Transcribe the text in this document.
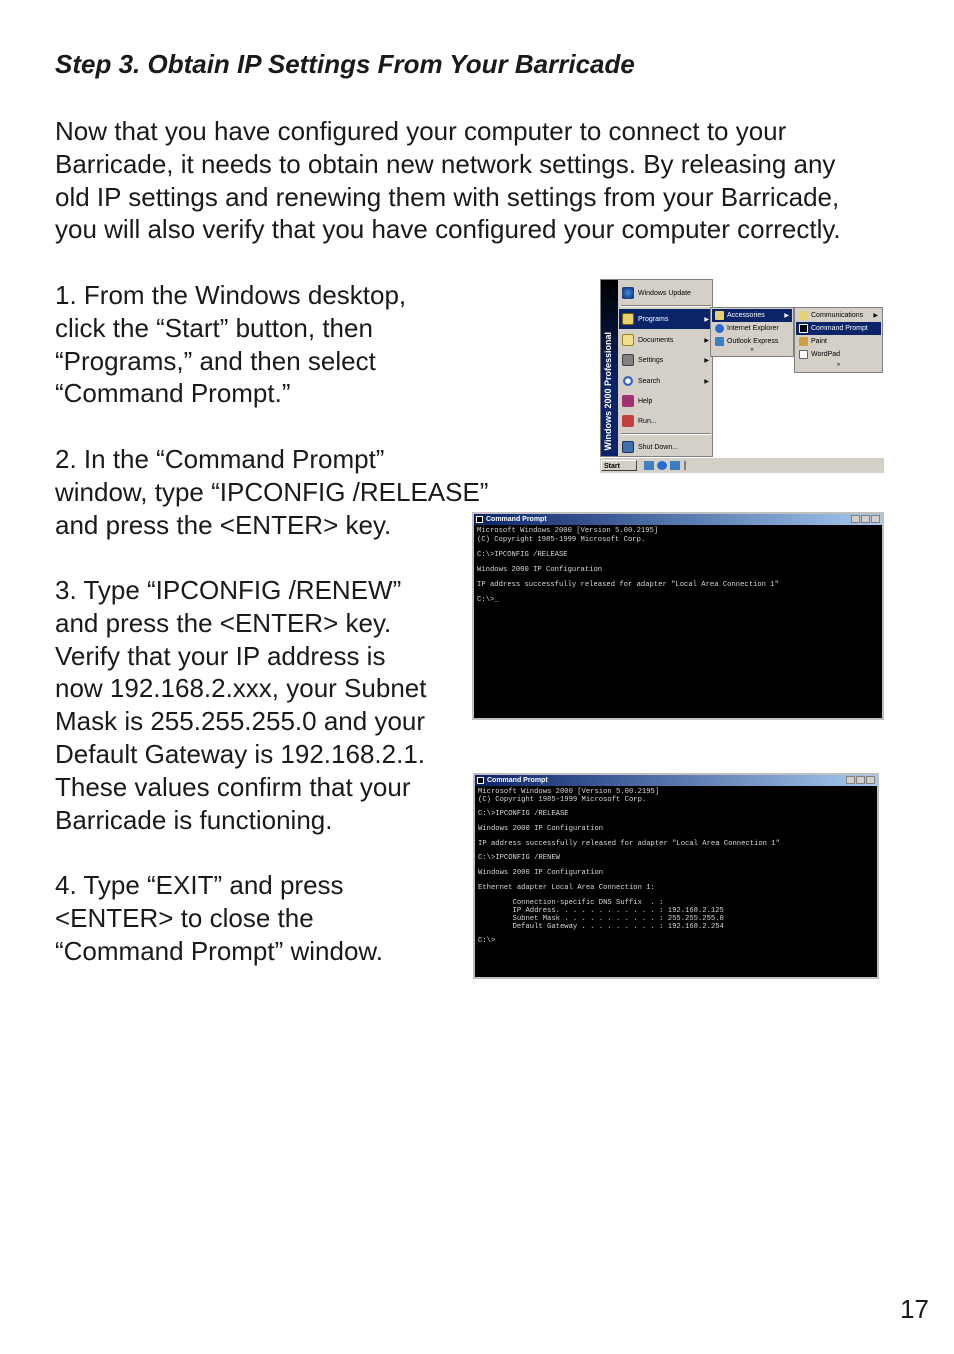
Step 3. Obtain IP Settings From Your Barricade

Now that you have configured your computer to connect to your
Barricade, it needs to obtain new network settings. By releasing any
old IP settings and renewing them with settings from your Barricade,
you will also verify that you have configured your computer correctly.

1. From the Windows desktop,
click the “Start” button, then
“Programs,” and then select
“Command Prompt.”

2. In the “Command Prompt”
window, type “IPCONFIG /RELEASE”
and press the <ENTER> key.

3. Type “IPCONFIG /RENEW”
and press the <ENTER> key.
Verify that your IP address is
now 192.168.2.xxx, your Subnet
Mask is 255.255.255.0 and your
Default Gateway is 192.168.2.1.
These values confirm that your
Barricade is functioning.

4. Type “EXIT” and press
<ENTER> to close the
“Command Prompt” window.

Windows 2000 Professional
Windows Update
Programs	▶
Documents	▶
Settings	▶
Search	▶
Help
Run...
Shut Down...
Accessories	▶
Internet Explorer
Outlook Express
»
Communications ▶
Command Prompt
Paint
WordPad
»
Start
Command Prompt

Microsoft Windows 2000 [Version 5.00.2195]

(C) Copyright 1985-1999 Microsoft Corp.

C:\>IPCONFIG /RELEASE

Windows 2000 IP Configuration

IP address successfully released for adapter "Local Area Connection 1"

C:\>_

Command Prompt

Microsoft Windows 2000 [Version 5.00.2195]

(C) Copyright 1985-1999 Microsoft Corp.

C:\>IPCONFIG /RELEASE

Windows 2000 IP Configuration

IP address successfully released for adapter "Local Area Connection 1"

C:\>IPCONFIG /RENEW

Windows 2000 IP Configuration

Ethernet adapter Local Area Connection 1:

Connection-specific DNS Suffix  . :

IP Address. . . . . . . . . . . . : 192.168.2.125

Subnet Mask . . . . . . . . . . . : 255.255.255.0

Default Gateway . . . . . . . . . : 192.168.2.254

C:\>

17
